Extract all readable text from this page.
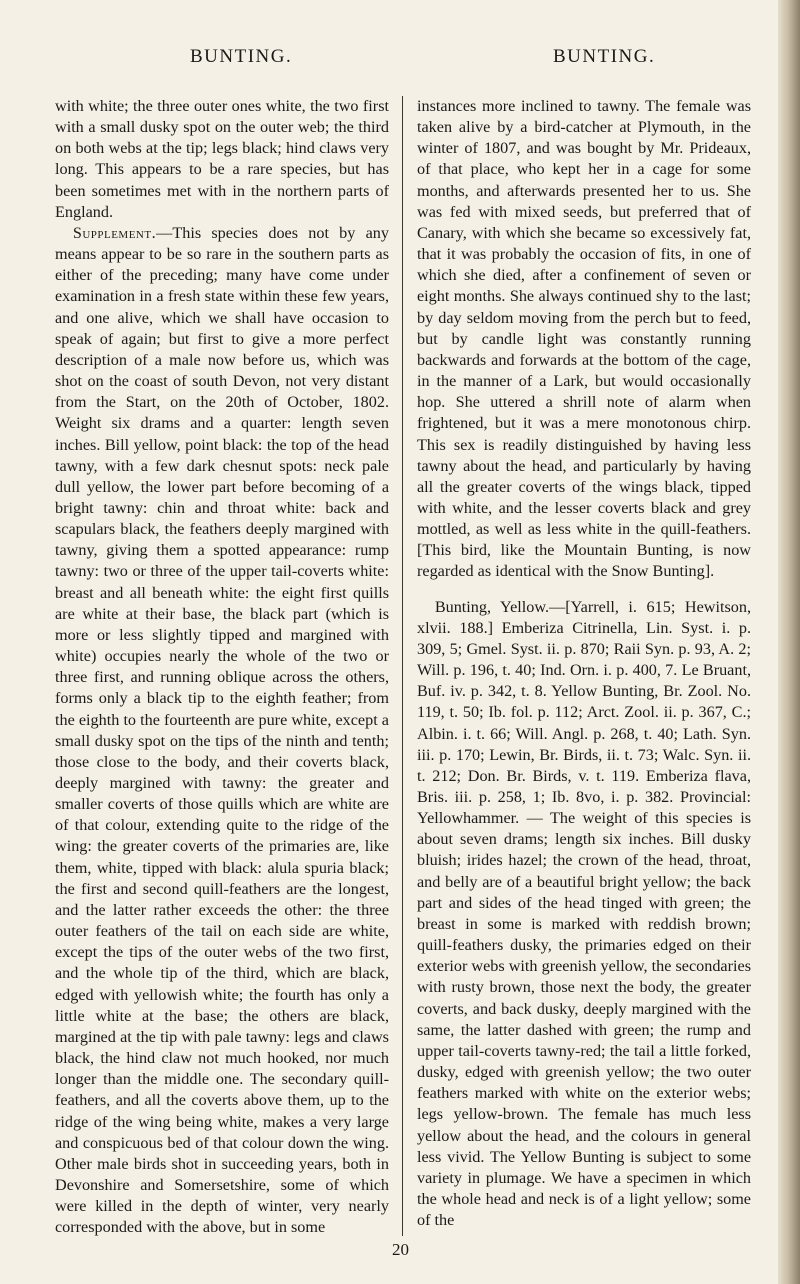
BUNTING.	BUNTING.

with white; the three outer ones white, the two first with a small dusky spot on the outer web; the third on both webs at the tip; legs black; hind claws very long. This appears to be a rare species, but has been sometimes met with in the northern parts of England.

Supplement.—This species does not by any means appear to be so rare in the southern parts as either of the preceding; many have come under examination in a fresh state within these few years, and one alive, which we shall have occasion to speak of again; but first to give a more perfect description of a male now before us, which was shot on the coast of south Devon, not very distant from the Start, on the 20th of October, 1802. Weight six drams and a quarter: length seven inches. Bill yellow, point black: the top of the head tawny, with a few dark chesnut spots: neck pale dull yellow, the lower part before becoming of a bright tawny: chin and throat white: back and scapulars black, the feathers deeply margined with tawny, giving them a spotted appearance: rump tawny: two or three of the upper tail-coverts white: breast and all beneath white: the eight first quills are white at their base, the black part (which is more or less slightly tipped and margined with white) occupies nearly the whole of the two or three first, and running oblique across the others, forms only a black tip to the eighth feather; from the eighth to the fourteenth are pure white, except a small dusky spot on the tips of the ninth and tenth; those close to the body, and their coverts black, deeply margined with tawny: the greater and smaller coverts of those quills which are white are of that colour, extending quite to the ridge of the wing: the greater coverts of the primaries are, like them, white, tipped with black: alula spuria black; the first and second quill-feathers are the longest, and the latter rather exceeds the other: the three outer feathers of the tail on each side are white, except the tips of the outer webs of the two first, and the whole tip of the third, which are black, edged with yellowish white; the fourth has only a little white at the base; the others are black, margined at the tip with pale tawny: legs and claws black, the hind claw not much hooked, nor much longer than the middle one. The secondary quill-feathers, and all the coverts above them, up to the ridge of the wing being white, makes a very large and conspicuous bed of that colour down the wing. Other male birds shot in succeeding years, both in Devonshire and Somersetshire, some of which were killed in the depth of winter, very nearly corresponded with the above, but in some

instances more inclined to tawny. The female was taken alive by a bird-catcher at Plymouth, in the winter of 1807, and was bought by Mr. Prideaux, of that place, who kept her in a cage for some months, and afterwards presented her to us. She was fed with mixed seeds, but preferred that of Canary, with which she became so excessively fat, that it was probably the occasion of fits, in one of which she died, after a confinement of seven or eight months. She always continued shy to the last; by day seldom moving from the perch but to feed, but by candle light was constantly running backwards and forwards at the bottom of the cage, in the manner of a Lark, but would occasionally hop. She uttered a shrill note of alarm when frightened, but it was a mere monotonous chirp. This sex is readily distinguished by having less tawny about the head, and particularly by having all the greater coverts of the wings black, tipped with white, and the lesser coverts black and grey mottled, as well as less white in the quill-feathers. [This bird, like the Mountain Bunting, is now regarded as identical with the Snow Bunting].

Bunting, Yellow.—[Yarrell, i. 615; Hewitson, xlvii. 188.] Emberiza Citrinella, Lin. Syst. i. p. 309, 5; Gmel. Syst. ii. p. 870; Raii Syn. p. 93, A. 2; Will. p. 196, t. 40; Ind. Orn. i. p. 400, 7. Le Bruant, Buf. iv. p. 342, t. 8. Yellow Bunting, Br. Zool. No. 119, t. 50; Ib. fol. p. 112; Arct. Zool. ii. p. 367, C.; Albin. i. t. 66; Will. Angl. p. 268, t. 40; Lath. Syn. iii. p. 170; Lewin, Br. Birds, ii. t. 73; Walc. Syn. ii. t. 212; Don. Br. Birds, v. t. 119. Emberiza flava, Bris. iii. p. 258, 1; Ib. 8vo, i. p. 382. Provincial: Yellowhammer. — The weight of this species is about seven drams; length six inches. Bill dusky bluish; irides hazel; the crown of the head, throat, and belly are of a beautiful bright yellow; the back part and sides of the head tinged with green; the breast in some is marked with reddish brown; quill-feathers dusky, the primaries edged on their exterior webs with greenish yellow, the secondaries with rusty brown, those next the body, the greater coverts, and back dusky, deeply margined with the same, the latter dashed with green; the rump and upper tail-coverts tawny-red; the tail a little forked, dusky, edged with greenish yellow; the two outer feathers marked with white on the exterior webs; legs yellow-brown. The female has much less yellow about the head, and the colours in general less vivid. The Yellow Bunting is subject to some variety in plumage. We have a specimen in which the whole head and neck is of a light yellow; some of the

20
